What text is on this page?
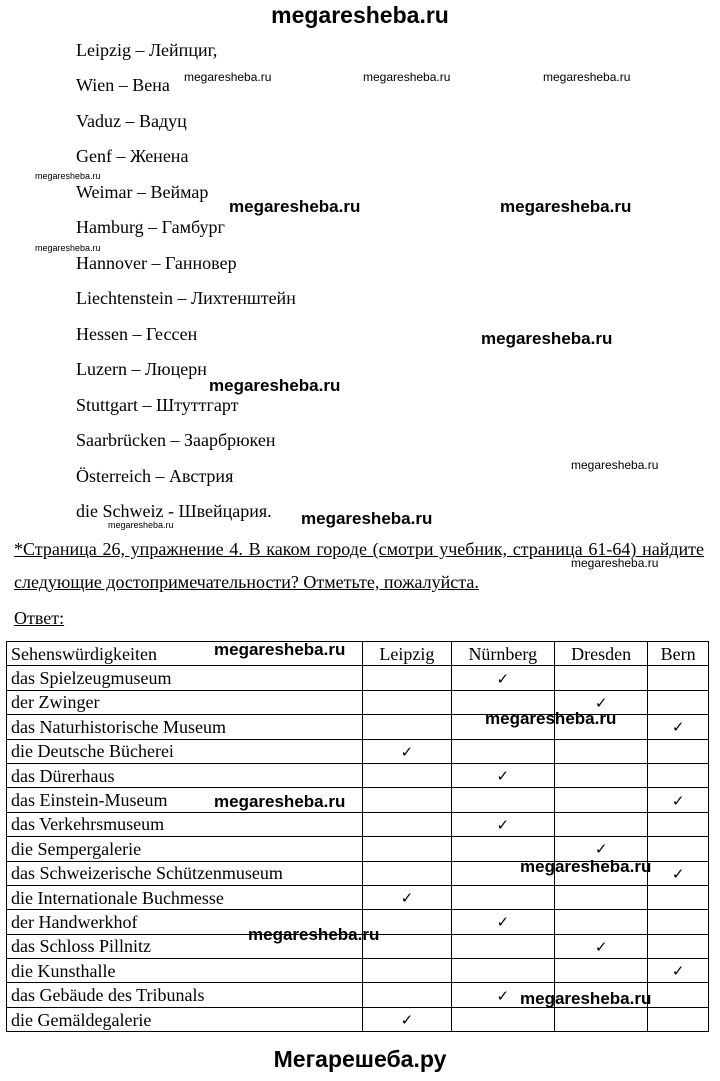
megaresheba.ru
Leipzig – Лейпциг,
Wien – Вена
Vaduz – Вадуц
Genf – Женена
Weimar – Веймар
Hamburg – Гамбург
Hannover – Ганновер
Liechtenstein – Лихтенштейн
Hessen – Гессен
Luzern – Люцерн
Stuttgart – Штуттгарт
Saarbrücken – Заарбрюкен
Österreich – Австрия
die Schweiz - Швейцария.
*Страница 26, упражнение 4. В каком городе (смотри учебник, страница 61-64) найдите следующие достопримечательности? Отметьте, пожалуйста.
Ответ:
Sehenswürdigkeiten	Leipzig	Nürnberg	Dresden	Bern
das Spielzeugmuseum		✓		
der Zwinger			✓	
das Naturhistorische Museum				✓
die Deutsche Bücherei	✓			
das Dürerhaus		✓		
das Einstein-Museum				✓
das Verkehrsmuseum		✓		
die Sempergalerie			✓	
das Schweizerische Schützenmuseum				✓
die Internationale Buchmesse	✓			
der Handwerkhof		✓		
das Schloss Pillnitz			✓	
die Kunsthalle				✓
das Gebäude des Tribunals		✓		
die Gemäldegalerie	✓			
megaresheba.ru	megaresheba.ru	megaresheba.ru
megaresheba.ru
megaresheba.ru	megaresheba.ru
megaresheba.ru
megaresheba.ru
megaresheba.ru
megaresheba.ru
megaresheba.ru
megaresheba.ru
megaresheba.ru
megaresheba.ru
megaresheba.ru
megaresheba.ru
megaresheba.ru
megaresheba.ru
megaresheba.ru
Мегарешеба.ру
